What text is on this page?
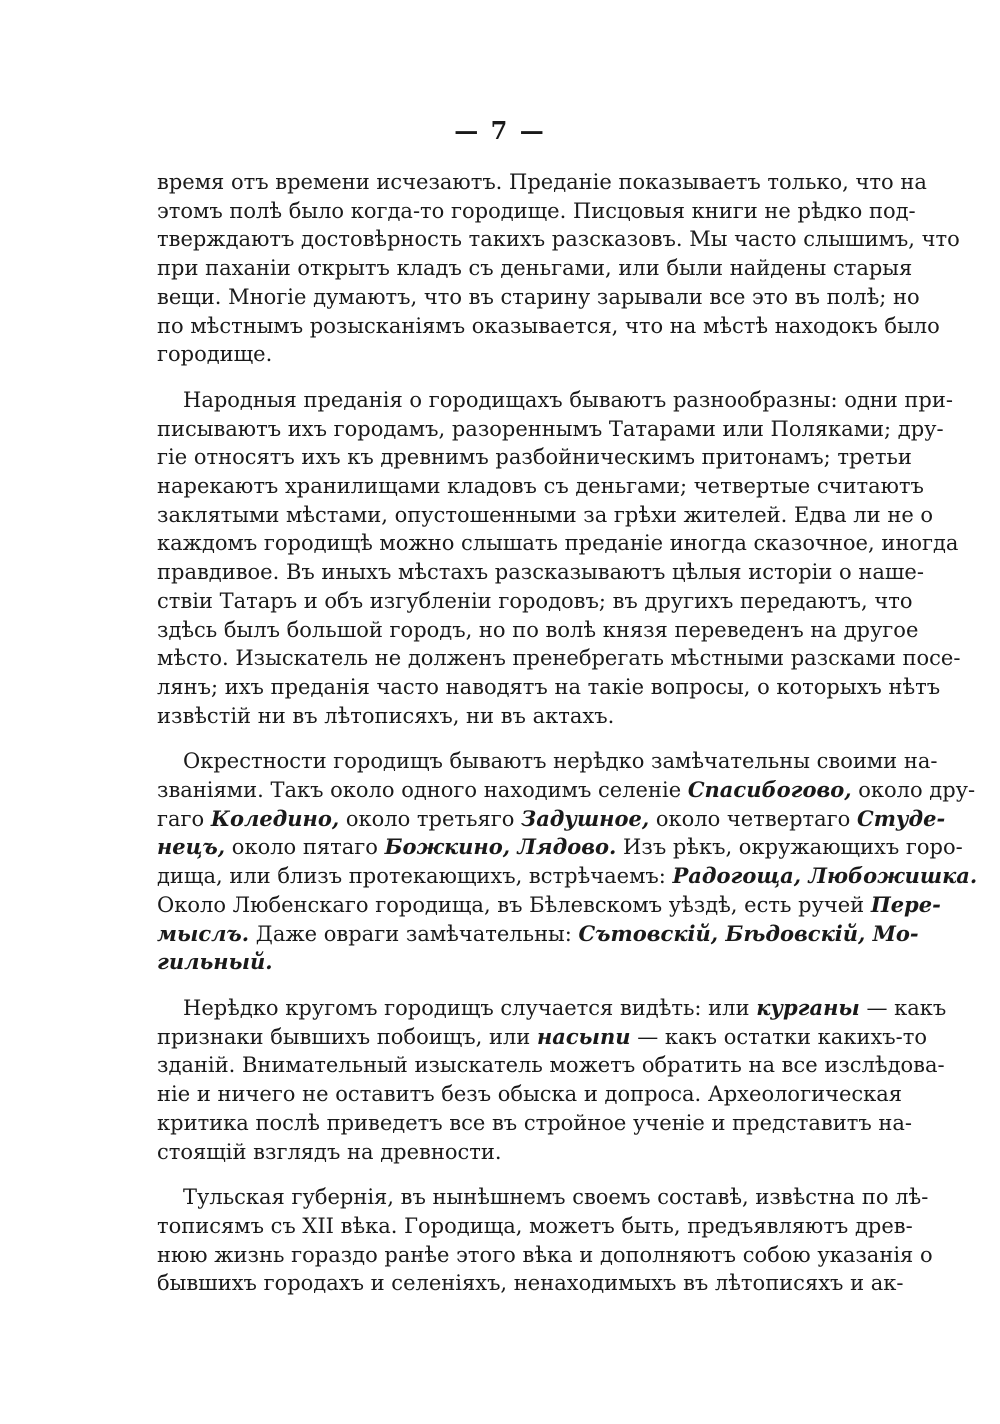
— 7 —
время отъ времени исчезаютъ. Преданіе показываетъ только, что на
этомъ полѣ было когда-то городище. Писцовыя книги не рѣдко под-
тверждаютъ достовѣрность такихъ разсказовъ. Мы часто слышимъ, что
при паханіи открытъ кладъ съ деньгами, или были найдены старыя
вещи. Многіе думаютъ, что въ старину зарывали все это въ полѣ; но
по мѣстнымъ розысканіямъ оказывается, что на мѣстѣ находокъ было
городище.
Народныя преданія о городищахъ бываютъ разнообразны: одни при-
писываютъ ихъ городамъ, разореннымъ Татарами или Поляками; дру-
гіе относятъ ихъ къ древнимъ разбойническимъ притонамъ; третьи
нарекаютъ хранилищами кладовъ съ деньгами; четвертые считаютъ
заклятыми мѣстами, опустошенными за грѣхи жителей. Едва ли не о
каждомъ городищѣ можно слышать преданіе иногда сказочное, иногда
правдивое. Въ иныхъ мѣстахъ разсказываютъ цѣлыя исторіи о наше-
ствіи Татаръ и объ изгубленіи городовъ; въ другихъ передаютъ, что
здѣсь былъ большой городъ, но по волѣ князя переведенъ на другое
мѣсто. Изыскатель не долженъ пренебрегать мѣстными разсками посе-
лянъ; ихъ преданія часто наводятъ на такіе вопросы, о которыхъ нѣтъ
извѣстій ни въ лѣтописяхъ, ни въ актахъ.
Окрестности городищъ бываютъ нерѣдко замѣчательны своими на-
званіями. Такъ около одного находимъ селеніе Спасибогово, около дру-
гаго Коледино, около третьяго Задушное, около четвертаго Студе-
нецъ, около пятаго Божкино, Лядово. Изъ рѣкъ, окружающихъ горо-
дища, или близъ протекающихъ, встрѣчаемъ: Радогоща, Любожишка.
Около Любенскаго городища, въ Бѣлевскомъ уѣздѣ, есть ручей Пере-
мыслъ. Даже овраги замѣчательны: Сътовскій, Бѣдовскій, Мо-
гильный.
Нерѣдко кругомъ городищъ случается видѣть: или курганы — какъ
признаки бывшихъ побоищъ, или насыпи — какъ остатки какихъ-то
зданій. Внимательный изыскатель можетъ обратить на все изслѣдова-
ніе и ничего не оставитъ безъ обыска и допроса. Археологическая
критика послѣ приведетъ все въ стройное ученіе и представитъ на-
стоящій взглядъ на древности.
Тульская губернія, въ нынѣшнемъ своемъ составѣ, извѣстна по лѣ-
тописямъ съ XII вѣка. Городища, можетъ быть, предъявляютъ древ-
нюю жизнь гораздо ранѣе этого вѣка и дополняютъ собою указанія о
бывшихъ городахъ и селеніяхъ, ненаходимыхъ въ лѣтописяхъ и ак-
